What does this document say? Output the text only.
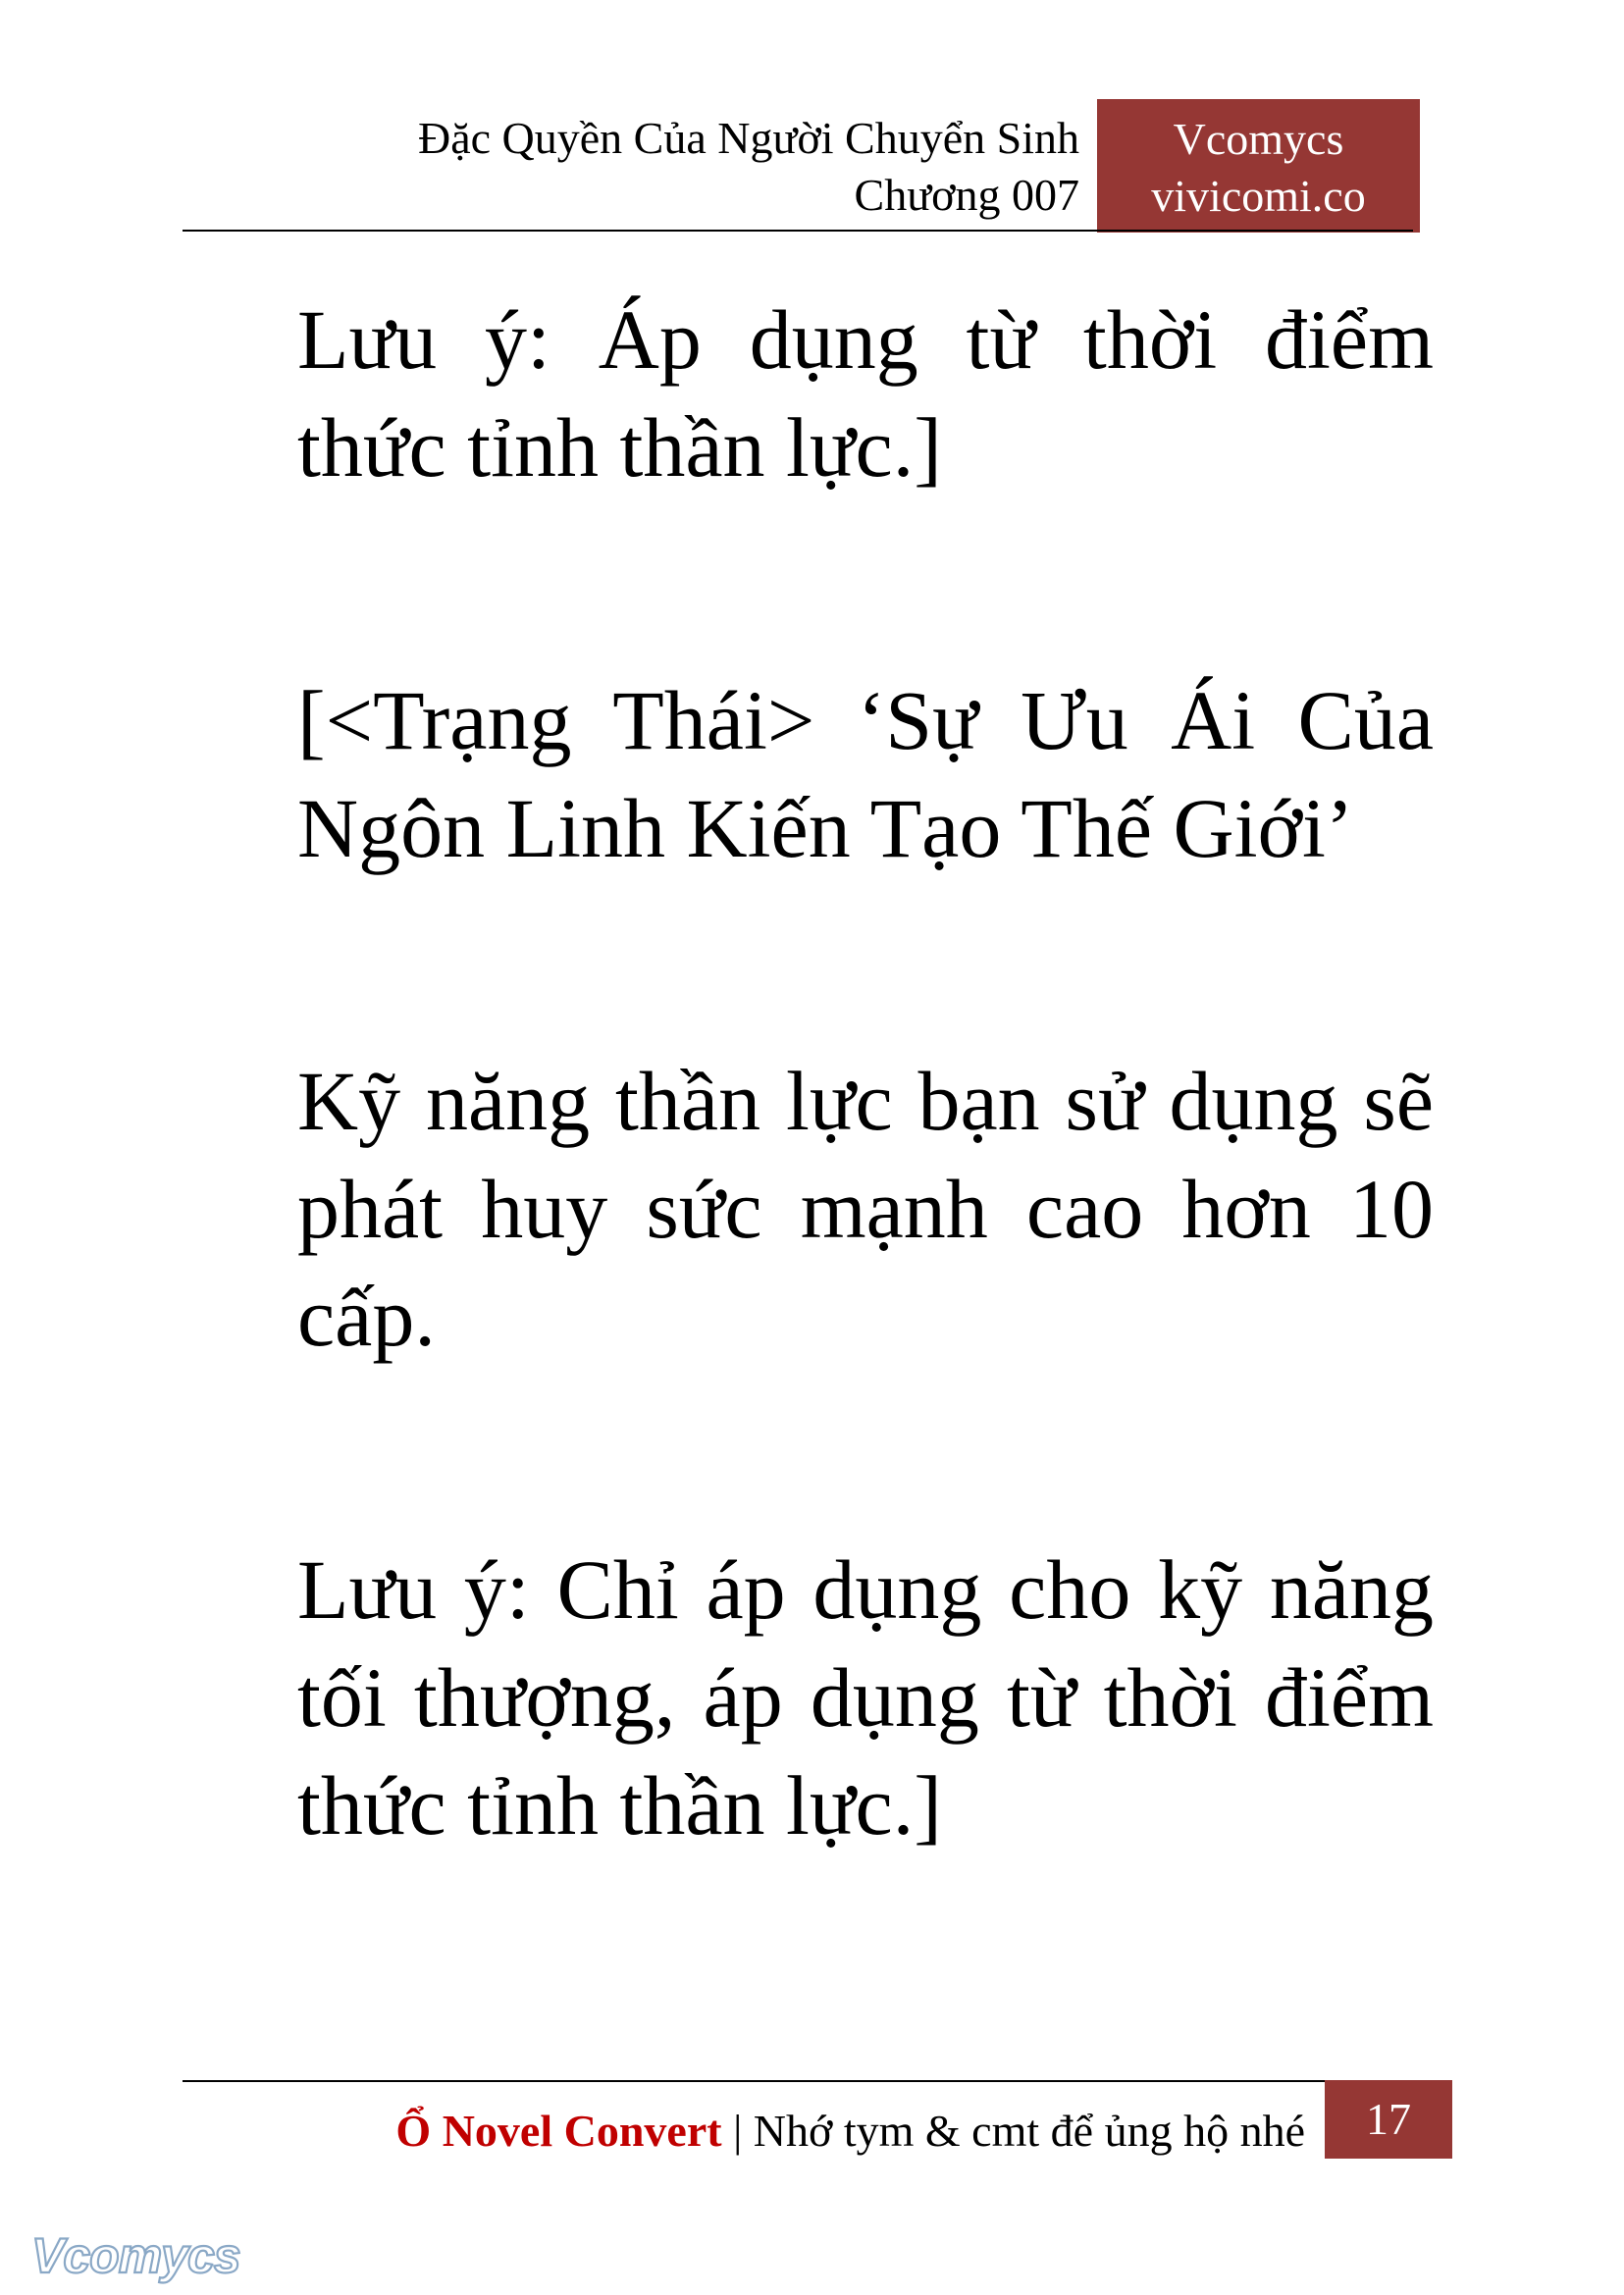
Đặc Quyền Của Người Chuyển Sinh
Chương 007
Vcomycs
vivicomi.co

Lưu ý: Áp dụng từ thời điểm thức tỉnh thần lực.]

[<Trạng Thái> ‘Sự Ưu Ái Của Ngôn Linh Kiến Tạo Thế Giới’

Kỹ năng thần lực bạn sử dụng sẽ phát huy sức mạnh cao hơn 10 cấp.

Lưu ý: Chỉ áp dụng cho kỹ năng tối thượng, áp dụng từ thời điểm thức tỉnh thần lực.]

Ổ Novel Convert | Nhớ tym & cmt để ủng hộ nhé	17
Vcomycs
